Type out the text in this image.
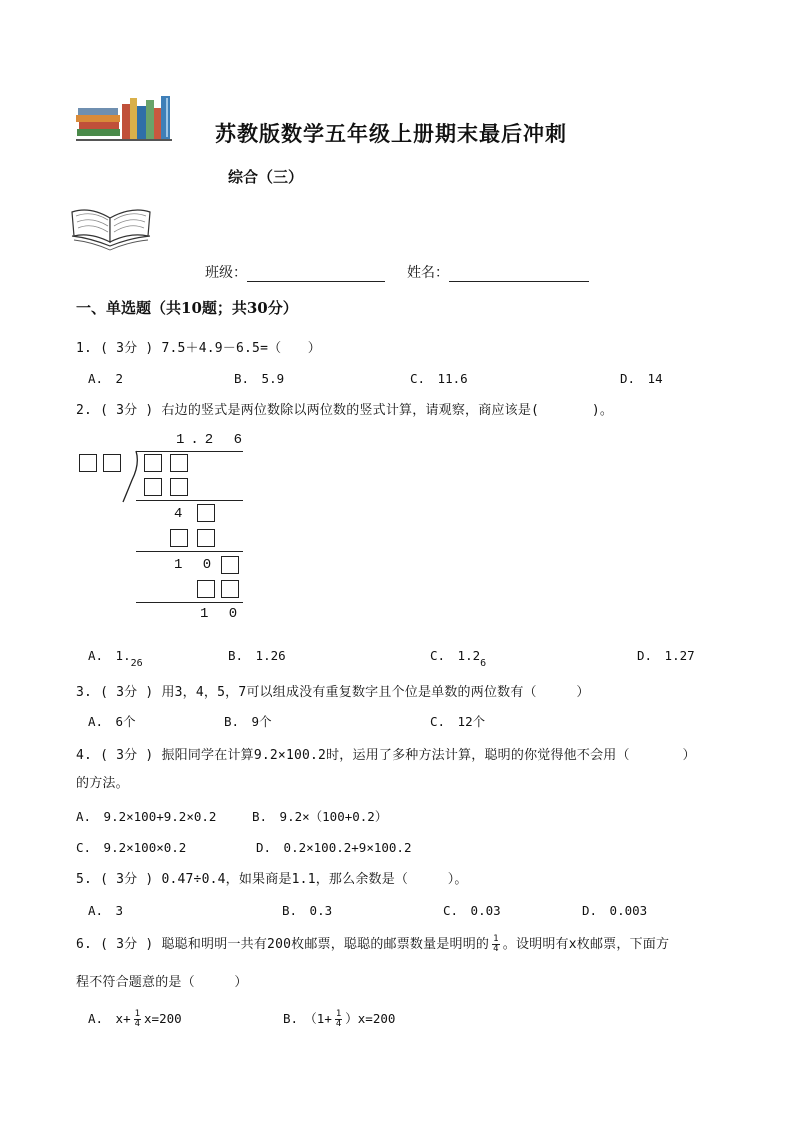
苏教版数学五年级上册期末最后冲刺
综合（三）
班级：	姓名：
一、单选题（共10题；共30分）
1. ( 3分 ) 7.5＋4.9－6.5=（　　）
A.　2	B.　5.9	C.　11.6	D.　14
2. ( 3分 ) 右边的竖式是两位数除以两位数的竖式计算，请观察，商应该是(　　　　)。
1.2 6
4
1 0
1 0
A.　$1._{26}$
B.　1.26	C.　$1.2_6$
D.　1.27
3. ( 3分 ) 用3，4，5，7可以组成没有重复数字且个位是单数的两位数有（　　　）
A.　6个	B.　9个	C.　12个
4. ( 3分 ) 振阳同学在计算9.2×100.2时，运用了多种方法计算，聪明的你觉得他不会用（　　　　）
的方法。
A.　9.2×100+9.2×0.2	B.　9.2×（100+0.2）
C.　9.2×100×0.2	D.　0.2×100.2+9×100.2
5. ( 3分 ) 0.47÷0.4，如果商是1.1，那么余数是（　　　）。
A.　3	B.　0.3	C.　0.03	D.　0.003
6. ( 3分 ) 聪聪和明明一共有200枚邮票，聪聪的邮票数量是明明的 $\frac{1}{4}$ 。设明明有x枚邮票，下面方
程不符合题意的是（　　　）
A.　$x+ \frac{1}{4} x=200$	B.　$(1+ \frac{1}{4} )x=200$
